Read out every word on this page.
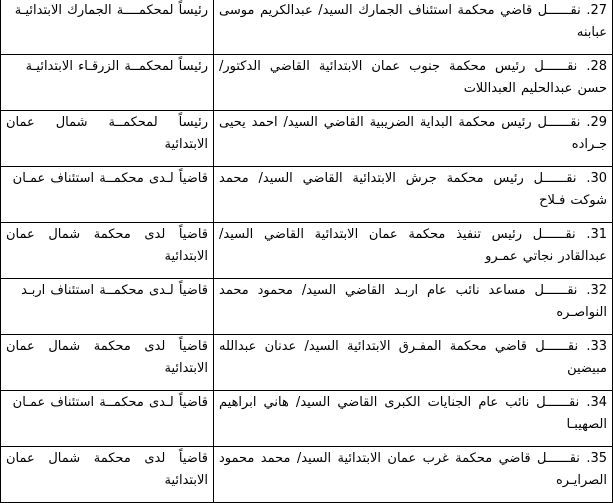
27. نقــــــل قاضي محكمة استئناف الجمارك السيد/ عبدالكريم موسى عبابنه	رئيساً لمحكمــــة الجمارك الابتدائيـة
28. نقــــــل رئيس محكمة جنوب عمان الابتدائية القاضي الدكتور/ حسن عبدالحليم العبداللات	رئيساً لمحكمــة الزرقـاء الابتدائيـة
29. نقــــــل رئيس محكمة البداية الضريبية القاضي السيد/ احمد يحيى جـراده	رئيساً لمحكمــة شمال عمان الابتدائية
30. نقــــــل رئيس محكمة جرش الابتدائية القاضي السيد/ محمد شوكت فـلاح	قاضياً لـدى محكمــة استئناف عمـان
31. نقــــــل رئيس تنفيذ محكمة عمان الابتدائية القاضي السيد/ عبدالقادر نجاتي عمـرو	قاضياً لدى محكمة شمال عمان الابتدائية
32. نقــــــل مساعد نائب عام اربـد القاضي السيد/ محمود محمد النواصـره	قاضياً لـدى محكمــة استئناف اربـد
33. نقــــــل قاضي محكمة المفـرق الابتدائية السيد/ عدنان عبدالله مبيضين	قاضياً لدى محكمة شمال عمان الابتدائية
34. نقــــــل نائب عام الجنايات الكبرى القاضي السيد/ هاني ابراهيم الصهيبـا	قاضياً لـدى محكمــة استئناف عمـان
35. نقــــــل قاضي محكمة غرب عمان الابتدائية السيد/ محمد محمود الصرايـره	قاضياً لدى محكمة شمال عمان الابتدائية
